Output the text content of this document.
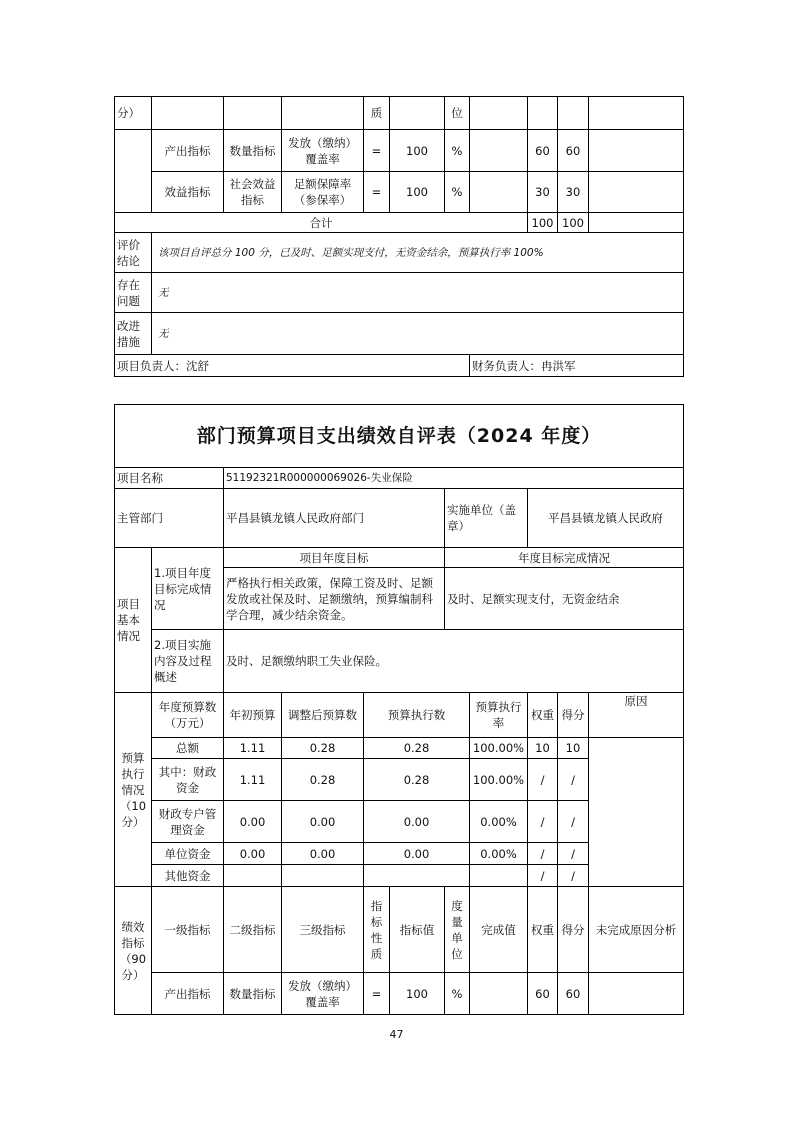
分）				质		位				
	产出指标	数量指标	发放（缴纳）覆盖率	=	100	%		60	60	
	效益指标	社会效益指标	足额保障率（参保率）	=	100	%		30	30	
合计								100	100	
评价结论	该项目自评总分 100 分，已及时、足额实现支付，无资金结余，预算执行率 100%									
存在问题	无									
改进措施	无									
项目负责人：沈舒							财务负责人：冉洪军			
部门预算项目支出绩效自评表（2024 年度）										
项目名称		51192321R000000069026-失业保险								
主管部门		平昌县镇龙镇人民政府部门				实施单位（盖章）		平昌县镇龙镇人民政府		
项目基本情况	1.项目年度目标完成情况	项目年度目标				年度目标完成情况				
		严格执行相关政策，保障工资及时、足额发放或社保及时、足额缴纳，预算编制科学合理，减少结余资金。				及时、足额实现支付，无资金结余				
	2.项目实施内容及过程概述	及时、足额缴纳职工失业保险。								
预算执行情况（10分）	年度预算数（万元）	年初预算	调整后预算数	预算执行数			预算执行率	权重	得分	原因
	总额	1.11	0.28	0.28			100.00%	10	10	
	其中：财政资金	1.11	0.28	0.28			100.00%	/	/	
	财政专户管理资金	0.00	0.00	0.00			0.00%	/	/	
	单位资金	0.00	0.00	0.00			0.00%	/	/	
	其他资金							/	/	
绩效指标（90分）	一级指标	二级指标	三级指标	指标性质	指标值	度量单位	完成值	权重	得分	未完成原因分析
	产出指标	数量指标	发放（缴纳）覆盖率	=	100	%		60	60	
47
